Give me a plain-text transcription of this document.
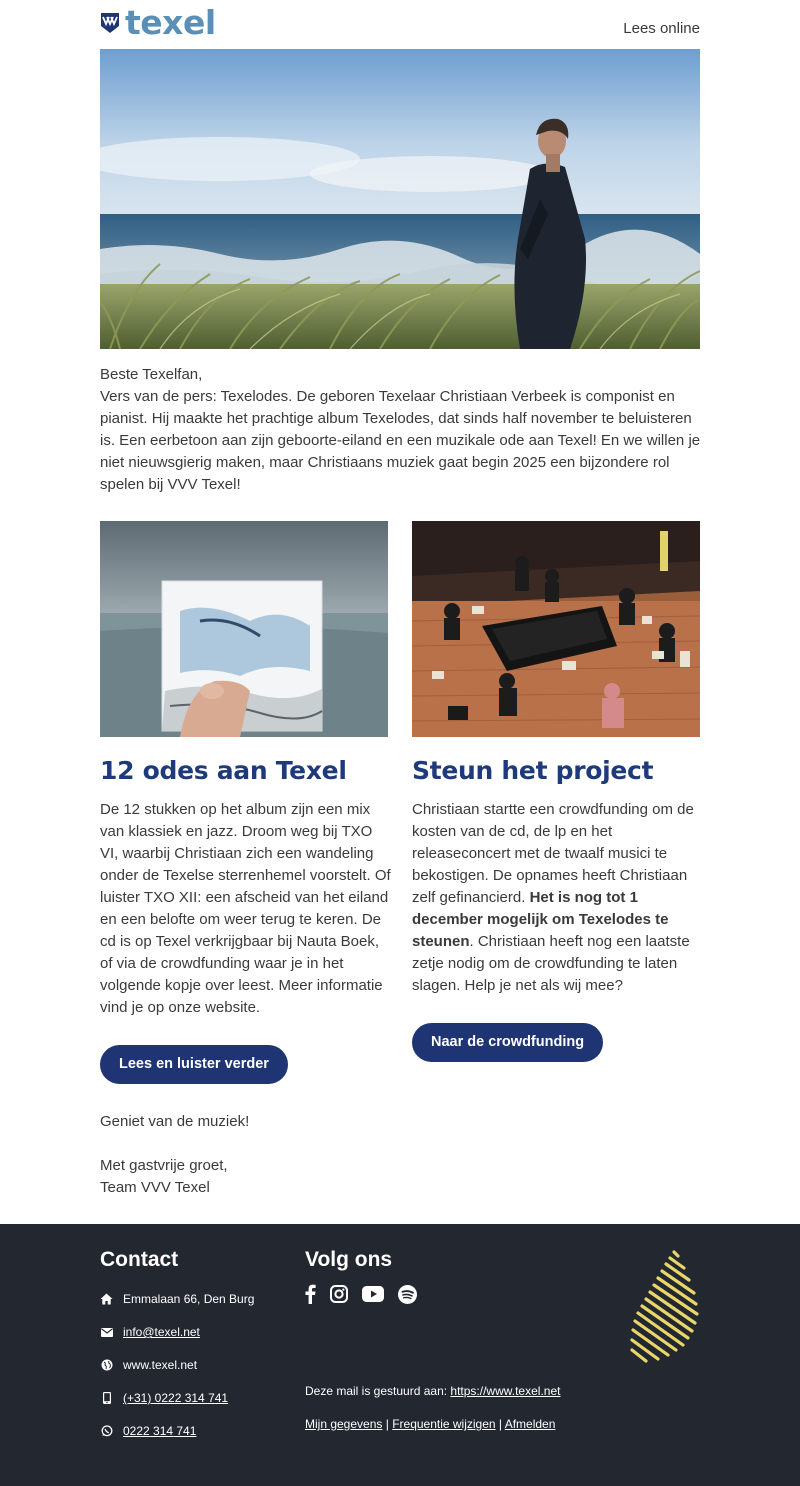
texel	Lees online
Beste Texelfan,
Vers van de pers: Texelodes. De geboren Texelaar Christiaan Verbeek is componist en pianist. Hij maakte het prachtige album Texelodes, dat sinds half november te beluisteren is. Een eerbetoon aan zijn geboorte-eiland en een muzikale ode aan Texel! En we willen je niet nieuwsgierig maken, maar Christiaans muziek gaat begin 2025 een bijzondere rol spelen bij VVV Texel!
12 odes aan Texel
De 12 stukken op het album zijn een mix van klassiek en jazz. Droom weg bij TXO VI, waarbij Christiaan zich een wandeling onder de Texelse sterrenhemel voorstelt. Of luister TXO XII: een afscheid van het eiland en een belofte om weer terug te keren. De cd is op Texel verkrijgbaar bij Nauta Boek, of via de crowdfunding waar je in het volgende kopje over leest. Meer informatie vind je op onze website.
Lees en luister verder
Steun het project
Christiaan startte een crowdfunding om de kosten van de cd, de lp en het releaseconcert met de twaalf musici te bekostigen. De opnames heeft Christiaan zelf gefinancierd. Het is nog tot 1 december mogelijk om Texelodes te steunen. Christiaan heeft nog een laatste zetje nodig om de crowdfunding te laten slagen. Help je net als wij mee?
Naar de crowdfunding
Geniet van de muziek!
Met gastvrije groet,
Team VVV Texel
Contact
Emmalaan 66, Den Burg
info@texel.net
www.texel.net
(+31) 0222 314 741
0222 314 741
Volg ons
Deze mail is gestuurd aan: https://www.texel.net
Mijn gegevens | Frequentie wijzigen | Afmelden
